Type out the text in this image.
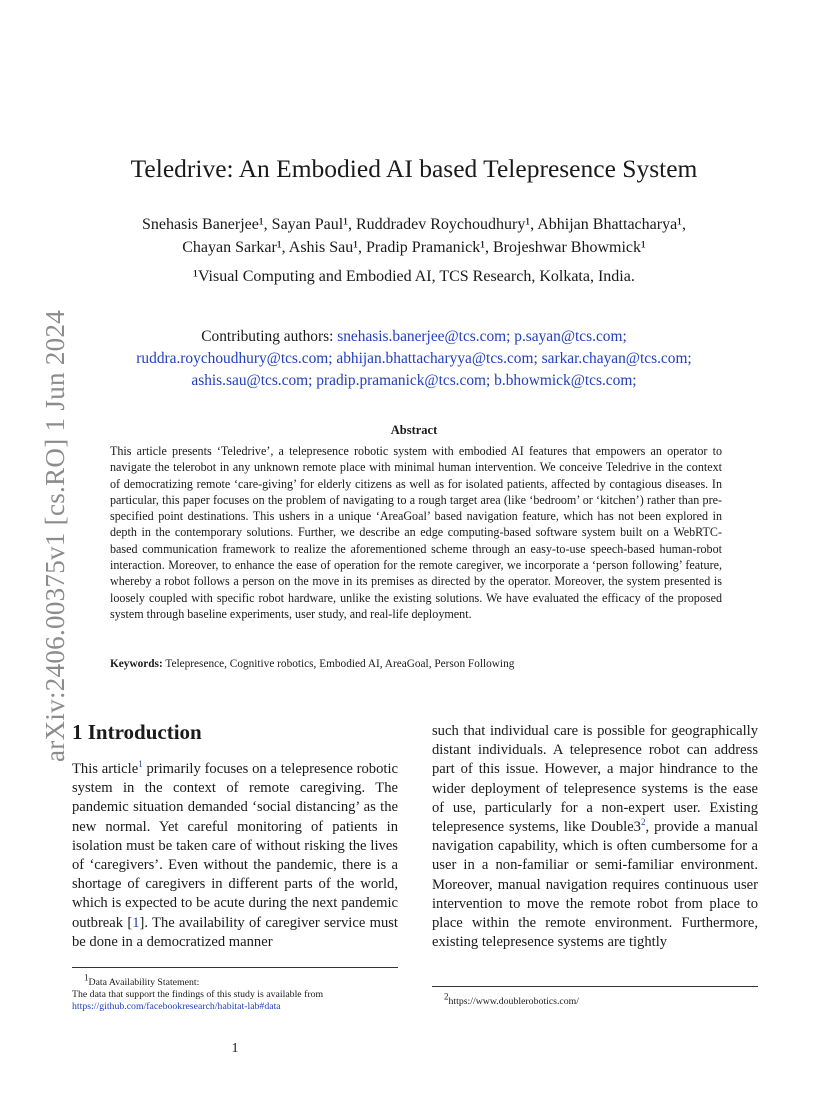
arXiv:2406.00375v1 [cs.RO] 1 Jun 2024
Teledrive: An Embodied AI based Telepresence System
Snehasis Banerjee¹, Sayan Paul¹, Ruddradev Roychoudhury¹, Abhijan Bhattacharya¹,
Chayan Sarkar¹, Ashis Sau¹, Pradip Pramanick¹, Brojeshwar Bhowmick¹
¹Visual Computing and Embodied AI, TCS Research, Kolkata, India.
Contributing authors: snehasis.banerjee@tcs.com; p.sayan@tcs.com;
ruddra.roychoudhury@tcs.com; abhijan.bhattacharyya@tcs.com; sarkar.chayan@tcs.com;
ashis.sau@tcs.com; pradip.pramanick@tcs.com; b.bhowmick@tcs.com;
Abstract
This article presents ‘Teledrive’, a telepresence robotic system with embodied AI features that empowers an operator to navigate the telerobot in any unknown remote place with minimal human intervention. We conceive Teledrive in the context of democratizing remote ‘care-giving’ for elderly citizens as well as for isolated patients, affected by contagious diseases. In particular, this paper focuses on the problem of navigating to a rough target area (like ‘bedroom’ or ‘kitchen’) rather than pre-specified point destinations. This ushers in a unique ‘AreaGoal’ based navigation feature, which has not been explored in depth in the contemporary solutions. Further, we describe an edge computing-based software system built on a WebRTC-based communication framework to realize the aforementioned scheme through an easy-to-use speech-based human-robot interaction. Moreover, to enhance the ease of operation for the remote caregiver, we incorporate a ‘person following’ feature, whereby a robot follows a person on the move in its premises as directed by the operator. Moreover, the system presented is loosely coupled with specific robot hardware, unlike the existing solutions. We have evaluated the efficacy of the proposed system through baseline experiments, user study, and real-life deployment.
Keywords: Telepresence, Cognitive robotics, Embodied AI, AreaGoal, Person Following
1 Introduction
This article$^1$ primarily focuses on a telepresence robotic system in the context of remote caregiving. The pandemic situation demanded ‘social distancing’ as the new normal. Yet careful monitoring of patients in isolation must be taken care of without risking the lives of ‘caregivers’. Even without the pandemic, there is a shortage of caregivers in different parts of the world, which is expected to be acute during the next pandemic outbreak [1]. The availability of caregiver service must be done in a democratized manner
such that individual care is possible for geographically distant individuals. A telepresence robot can address part of this issue. However, a major hindrance to the wider deployment of telepresence systems is the ease of use, particularly for a non-expert user. Existing telepresence systems, like $Double3^2$, provide a manual navigation capability, which is often cumbersome for a user in a non-familiar or semi-familiar environment. Moreover, manual navigation requires continuous user intervention to move the remote robot from place to place within the remote environment. Furthermore, existing telepresence systems are tightly
$^1$Data Availability Statement:
The data that support the findings of this study is available from
https://github.com/facebookresearch/habitat-lab#data
$^2$https://www.doublerobotics.com/
1
